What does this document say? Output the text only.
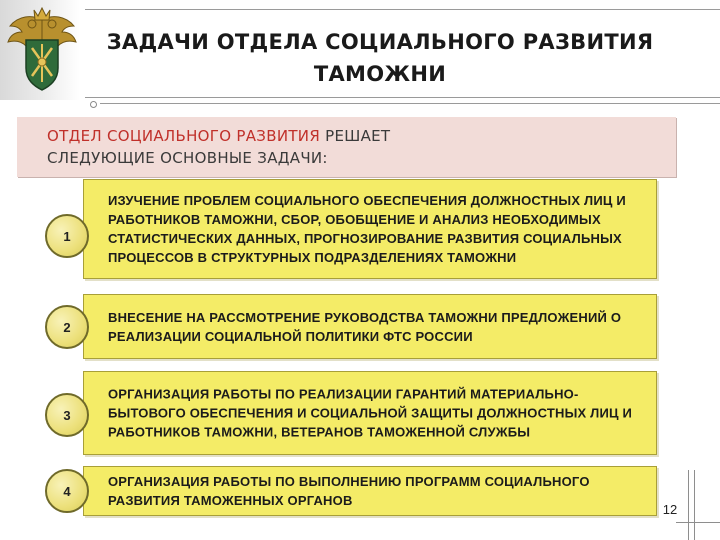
ЗАДАЧИ ОТДЕЛА СОЦИАЛЬНОГО РАЗВИТИЯ
ТАМОЖНИ
ОТДЕЛ СОЦИАЛЬНОГО РАЗВИТИЯ РЕШАЕТ
СЛЕДУЮЩИЕ ОСНОВНЫЕ ЗАДАЧИ:
ИЗУЧЕНИЕ ПРОБЛЕМ СОЦИАЛЬНОГО ОБЕСПЕЧЕНИЯ ДОЛЖНОСТНЫХ ЛИЦ И РАБОТНИКОВ ТАМОЖНИ, СБОР, ОБОБЩЕНИЕ И АНАЛИЗ НЕОБХОДИМЫХ СТАТИСТИЧЕСКИХ ДАННЫХ, ПРОГНОЗИРОВАНИЕ РАЗВИТИЯ СОЦИАЛЬНЫХ ПРОЦЕССОВ В СТРУКТУРНЫХ ПОДРАЗДЕЛЕНИЯХ ТАМОЖНИ
1
ВНЕСЕНИЕ НА РАССМОТРЕНИЕ РУКОВОДСТВА ТАМОЖНИ ПРЕДЛОЖЕНИЙ О РЕАЛИЗАЦИИ СОЦИАЛЬНОЙ ПОЛИТИКИ ФТС РОССИИ
2
ОРГАНИЗАЦИЯ РАБОТЫ ПО РЕАЛИЗАЦИИ ГАРАНТИЙ МАТЕРИАЛЬНО-БЫТОВОГО ОБЕСПЕЧЕНИЯ И СОЦИАЛЬНОЙ ЗАЩИТЫ ДОЛЖНОСТНЫХ ЛИЦ И РАБОТНИКОВ ТАМОЖНИ, ВЕТЕРАНОВ ТАМОЖЕННОЙ СЛУЖБЫ
3
ОРГАНИЗАЦИЯ РАБОТЫ ПО ВЫПОЛНЕНИЮ ПРОГРАММ СОЦИАЛЬНОГО РАЗВИТИЯ ТАМОЖЕННЫХ ОРГАНОВ
4
12
